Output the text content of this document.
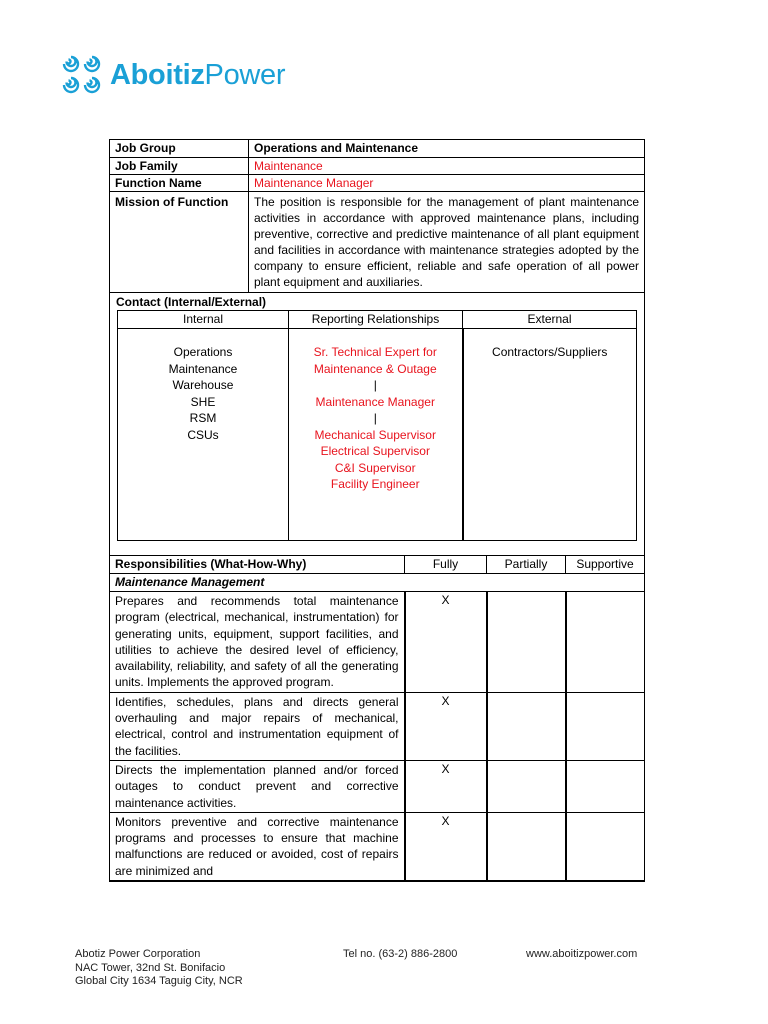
AboitizPower
Job Group	Operations and Maintenance
Job Family	Maintenance
Function Name	Maintenance Manager
Mission of Function	The position is responsible for the management of plant maintenance activities in accordance with approved maintenance plans, including preventive, corrective and predictive maintenance of all plant equipment and facilities in accordance with maintenance strategies adopted by the company to ensure efficient, reliable and safe operation of all power plant equipment and auxiliaries.

Contact (Internal/External)
Internal	Reporting Relationships	External

Operations
Maintenance
Warehouse
SHE
RSM
CSUs

Sr. Technical Expert for
Maintenance & Outage
|
Maintenance Manager
|
Mechanical Supervisor
Electrical Supervisor
C&I Supervisor
Facility Engineer

Contractors/Suppliers
Responsibilities (What-How-Why)	Fully	Partially	Supportive
Maintenance Management			
Prepares and recommends total maintenance program (electrical, mechanical, instrumentation) for generating units, equipment, support facilities, and utilities to achieve the desired level of efficiency, availability, reliability, and safety of all the generating units. Implements the approved program.	X		
Identifies, schedules, plans and directs general overhauling and major repairs of mechanical, electrical, control and instrumentation equipment of the facilities.	X		
Directs the implementation planned and/or forced outages to conduct prevent and corrective maintenance activities.	X		
Monitors preventive and corrective maintenance programs and processes to ensure that machine malfunctions are reduced or avoided, cost of repairs are minimized and	X		
Abotiz Power Corporation
NAC Tower, 32nd St. Bonifacio
Global City 1634 Taguig City, NCR
Tel no. (63-2) 886-2800	www.aboitizpower.com
